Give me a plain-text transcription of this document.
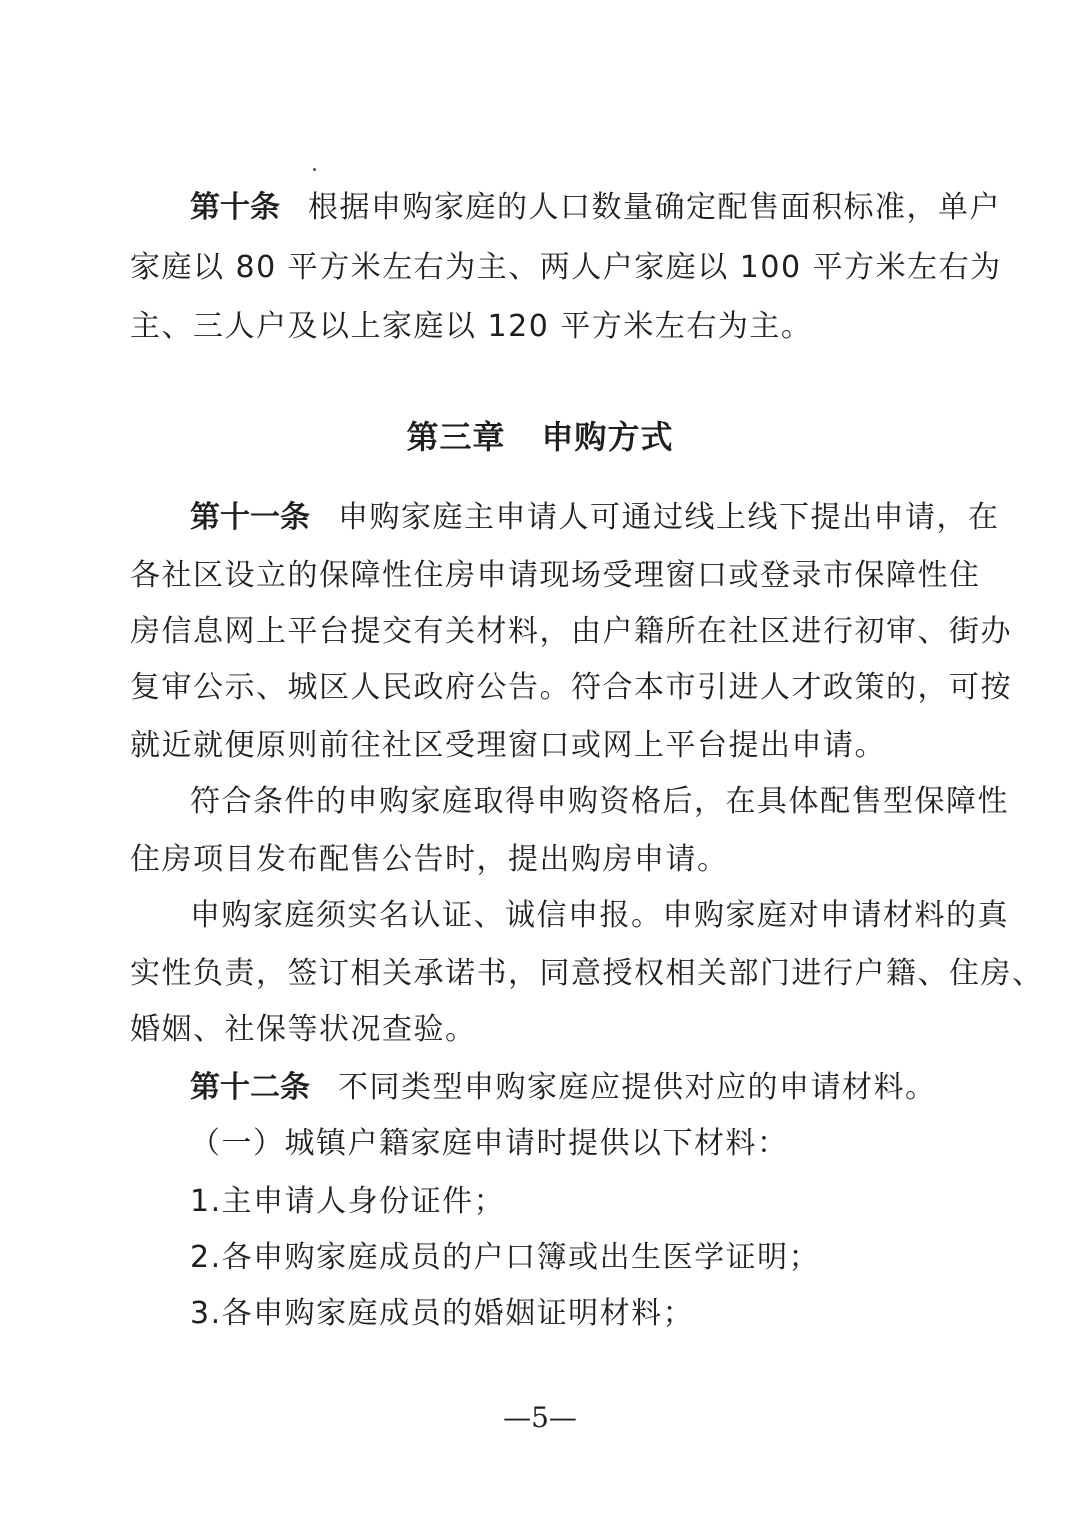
第十条 根据申购家庭的人口数量确定配售面积标准，单户
家庭以 80 平方米左右为主、两人户家庭以 100 平方米左右为
主、三人户及以上家庭以 120 平方米左右为主。
第三章 申购方式
第十一条 申购家庭主申请人可通过线上线下提出申请，在
各社区设立的保障性住房申请现场受理窗口或登录市保障性住
房信息网上平台提交有关材料，由户籍所在社区进行初审、街办
复审公示、城区人民政府公告。符合本市引进人才政策的，可按
就近就便原则前往社区受理窗口或网上平台提出申请。
符合条件的申购家庭取得申购资格后，在具体配售型保障性
住房项目发布配售公告时，提出购房申请。
申购家庭须实名认证、诚信申报。申购家庭对申请材料的真
实性负责，签订相关承诺书，同意授权相关部门进行户籍、住房、
婚姻、社保等状况查验。
第十二条 不同类型申购家庭应提供对应的申请材料。
（一）城镇户籍家庭申请时提供以下材料：
1.主申请人身份证件；
2.各申购家庭成员的户口簿或出生医学证明；
3.各申购家庭成员的婚姻证明材料；
—5—
